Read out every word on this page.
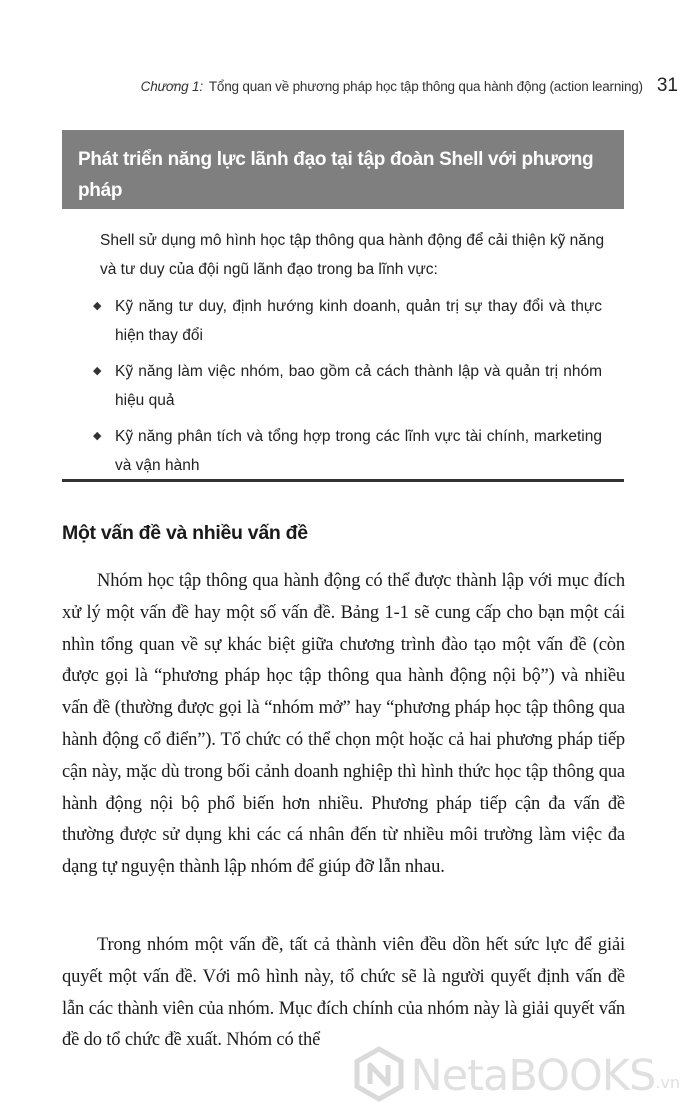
Chương 1: Tổng quan về phương pháp học tập thông qua hành động (action learning) 31
Phát triển năng lực lãnh đạo tại tập đoàn Shell với phương pháp
học tập thông qua hành động

Shell sử dụng mô hình học tập thông qua hành động để cải thiện kỹ năng và tư duy của đội ngũ lãnh đạo trong ba lĩnh vực:

◆ Kỹ năng tư duy, định hướng kinh doanh, quản trị sự thay đổi và thực hiện thay đổi
◆ Kỹ năng làm việc nhóm, bao gồm cả cách thành lập và quản trị nhóm hiệu quả
◆ Kỹ năng phân tích và tổng hợp trong các lĩnh vực tài chính, marketing và vận hành
Một vấn đề và nhiều vấn đề

Nhóm học tập thông qua hành động có thể được thành lập với mục đích xử lý một vấn đề hay một số vấn đề. Bảng 1-1 sẽ cung cấp cho bạn một cái nhìn tổng quan về sự khác biệt giữa chương trình đào tạo một vấn đề (còn được gọi là “phương pháp học tập thông qua hành động nội bộ”) và nhiều vấn đề (thường được gọi là “nhóm mở” hay “phương pháp học tập thông qua hành động cổ điển”). Tổ chức có thể chọn một hoặc cả hai phương pháp tiếp cận này, mặc dù trong bối cảnh doanh nghiệp thì hình thức học tập thông qua hành động nội bộ phổ biến hơn nhiều. Phương pháp tiếp cận đa vấn đề thường được sử dụng khi các cá nhân đến từ nhiều môi trường làm việc đa dạng tự nguyện thành lập nhóm để giúp đỡ lẫn nhau.

Trong nhóm một vấn đề, tất cả thành viên đều dồn hết sức lực để giải quyết một vấn đề. Với mô hình này, tổ chức sẽ là người quyết định vấn đề lẫn các thành viên của nhóm. Mục đích chính của nhóm này là giải quyết vấn đề do tổ chức đề xuất. Nhóm có thể

NetaBOOKS .vn
